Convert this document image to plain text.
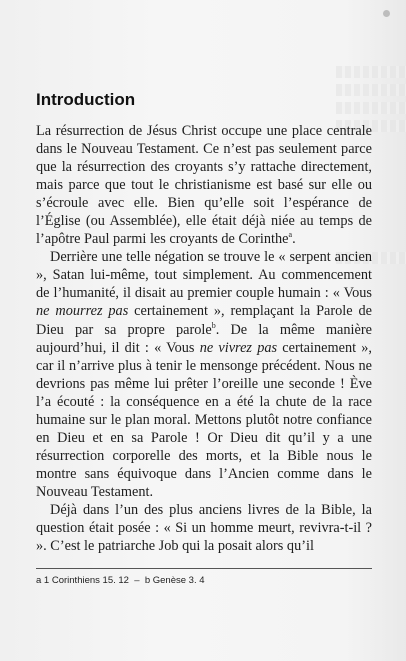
Introduction

La résurrection de Jésus Christ occupe une place centrale dans le Nouveau Testament. Ce n’est pas seulement parce que la résurrection des croyants s’y rattache directement, mais parce que tout le christianisme est basé sur elle ou s’écroule avec elle. Bien qu’elle soit l’espérance de l’Église (ou Assemblée), elle était déjà niée au temps de l’apôtre Paul parmi les croyants de Corinthe$^a$.

Derrière une telle négation se trouve le « serpent ancien », Satan lui-même, tout simplement. Au commencement de l’humanité, il disait au premier couple humain : « Vous ne mourrez pas certainement », remplaçant la Parole de Dieu par sa propre parole$^b$. De la même manière aujourd’hui, il dit : « Vous ne vivrez pas certainement », car il n’arrive plus à tenir le mensonge précédent. Nous ne devrions pas même lui prêter l’oreille une seconde ! Ève l’a écouté : la conséquence en a été la chute de la race humaine sur le plan moral. Mettons plutôt notre confiance en Dieu et en sa Parole ! Or Dieu dit qu’il y a une résurrection corporelle des morts, et la Bible nous le montre sans équivoque dans l’Ancien comme dans le Nouveau Testament.

Déjà dans l’un des plus anciens livres de la Bible, la question était posée : « Si un homme meurt, revivra-t-il ? ». C’est le patriarche Job qui la posait alors qu’il

a 1 Corinthiens 15. 12  –  b Genèse 3. 4
